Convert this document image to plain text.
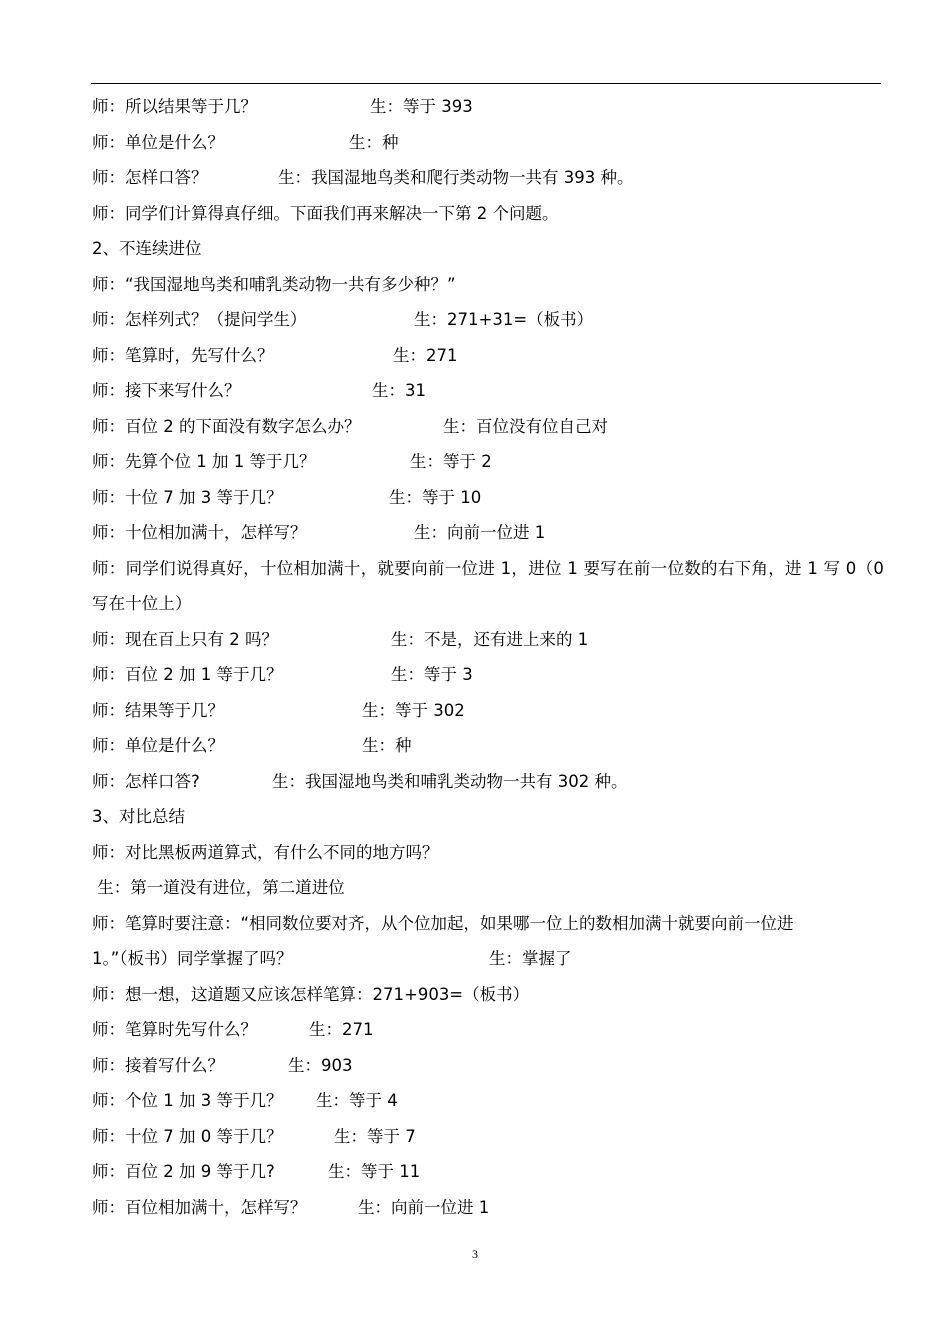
师：所以结果等于几？	生：等于 393
师：单位是什么？	生：种
师：怎样口答？	生：我国湿地鸟类和爬行类动物一共有 393 种。
师：同学们计算得真仔细。下面我们再来解决一下第 2 个问题。
2、不连续进位
师：“我国湿地鸟类和哺乳类动物一共有多少种？”
师：怎样列式？（提问学生）	生：271+31=（板书）
师：笔算时，先写什么？	生：271
师：接下来写什么？	生：31
师：百位 2 的下面没有数字怎么办？	生：百位没有位自己对
师：先算个位 1 加 1 等于几？	生：等于 2
师：十位 7 加 3 等于几？	生：等于 10
师：十位相加满十，怎样写？	生：向前一位进 1
师：同学们说得真好，十位相加满十，就要向前一位进 1，进位 1 要写在前一位数的右下角，进 1 写 0（0 写在十位上）
师：现在百上只有 2 吗？	生：不是，还有进上来的 1
师：百位 2 加 1 等于几？	生：等于 3
师：结果等于几？	生：等于 302
师：单位是什么？	生：种
师：怎样口答?	生：我国湿地鸟类和哺乳类动物一共有 302 种。
3、对比总结
师：对比黑板两道算式，有什么不同的地方吗？
生：第一道没有进位，第二道进位
师：笔算时要注意：“相同数位要对齐，从个位加起，如果哪一位上的数相加满十就要向前一位进
1。”（板书）同学掌握了吗？	生：掌握了
师：想一想，这道题又应该怎样笔算：271+903=（板书）
师：笔算时先写什么？	生：271
师：接着写什么？	生：903
师：个位 1 加 3 等于几？ 生：等于 4
师：十位 7 加 0 等于几？	生：等于 7
师：百位 2 加 9 等于几?	生：等于 11
师：百位相加满十，怎样写？	生：向前一位进 1
3
